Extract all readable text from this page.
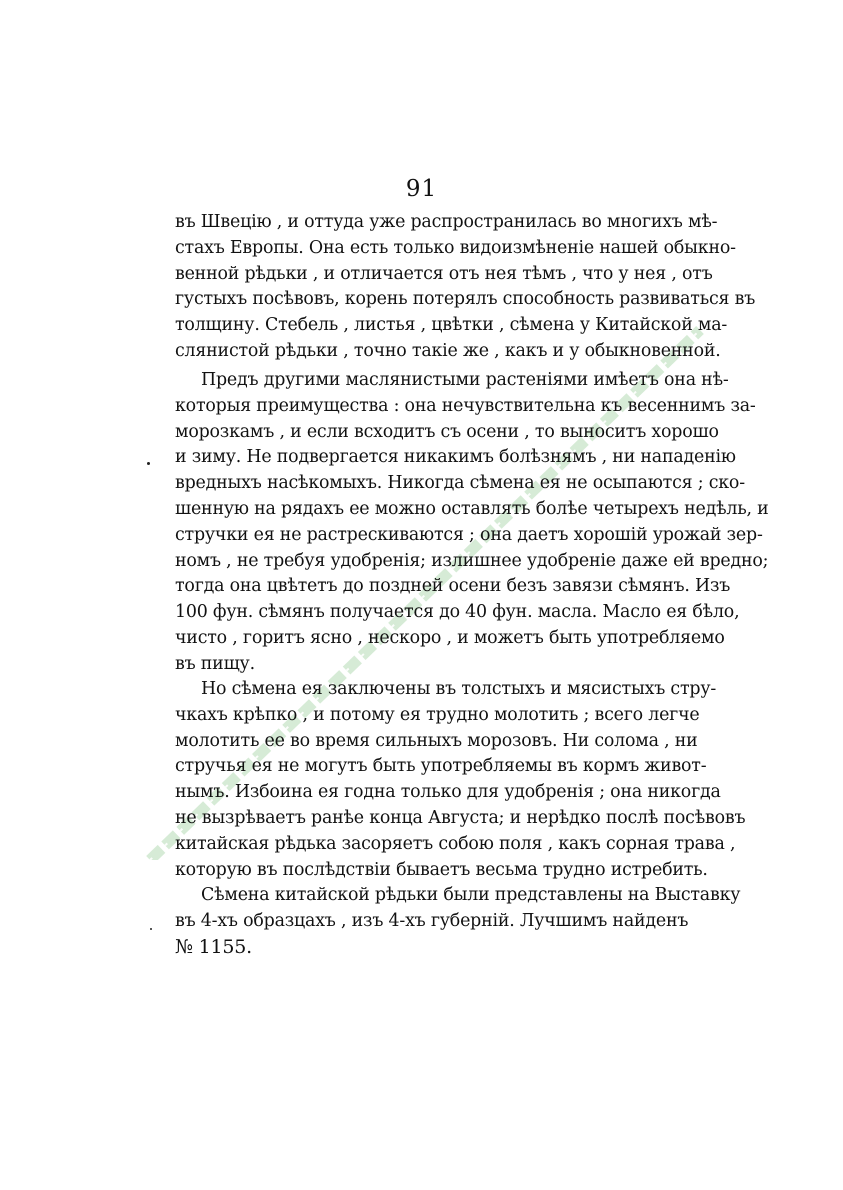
91
въ Швецію , и оттуда уже распространилась во многихъ мѣ-
стахъ Европы. Она есть только видоизмѣненіе нашей обыкно-
венной рѣдьки , и отличается отъ нея тѣмъ , что у нея , отъ
густыхъ посѣвовъ, корень потерялъ способность развиваться въ
толщину. Стебель , листья , цвѣтки , сѣмена у Китайской ма-
слянистой рѣдьки , точно такіе же , какъ и у обыкновенной.
Предъ другими маслянистыми растеніями имѣетъ она нѣ-
которыя преимущества : она нечувствительна къ весеннимъ за-
морозкамъ , и если всходитъ съ осени , то выноситъ хорошо
и зиму. Не подвергается никакимъ болѣзнямъ , ни нападенію
вредныхъ насѣкомыхъ. Никогда сѣмена ея не осыпаются ; ско-
шенную на рядахъ ее можно оставлять болѣе четырехъ недѣль, и
стручки ея не растрескиваются ; она даетъ хорошій урожай зер-
номъ , не требуя удобренія; излишнее удобреніе даже ей вредно;
тогда она цвѣтетъ до поздней осени безъ завязи сѣмянъ. Изъ
100 фун. сѣмянъ получается до 40 фун. масла. Масло ея бѣло,
чисто , горитъ ясно , нескоро , и можетъ быть употребляемо
въ пищу.
Но сѣмена ея заключены въ толстыхъ и мясистыхъ стру-
чкахъ крѣпко , и потому ея трудно молотить ; всего легче
молотить ее во время сильныхъ морозовъ. Ни солома , ни
стручья ея не могутъ быть употребляемы въ кормъ живот-
нымъ. Избоина ея годна только для удобренія ; она никогда
не вызрѣваетъ ранѣе конца Августа; и нерѣдко послѣ посѣвовъ
китайская рѣдька засоряетъ собою поля , какъ сорная трава ,
которую въ послѣдствіи бываетъ весьма трудно истребить.
Сѣмена китайской рѣдьки были представлены на Выставку
въ 4-хъ образцахъ , изъ 4-хъ губерній. Лучшимъ найденъ
№ 1155.
